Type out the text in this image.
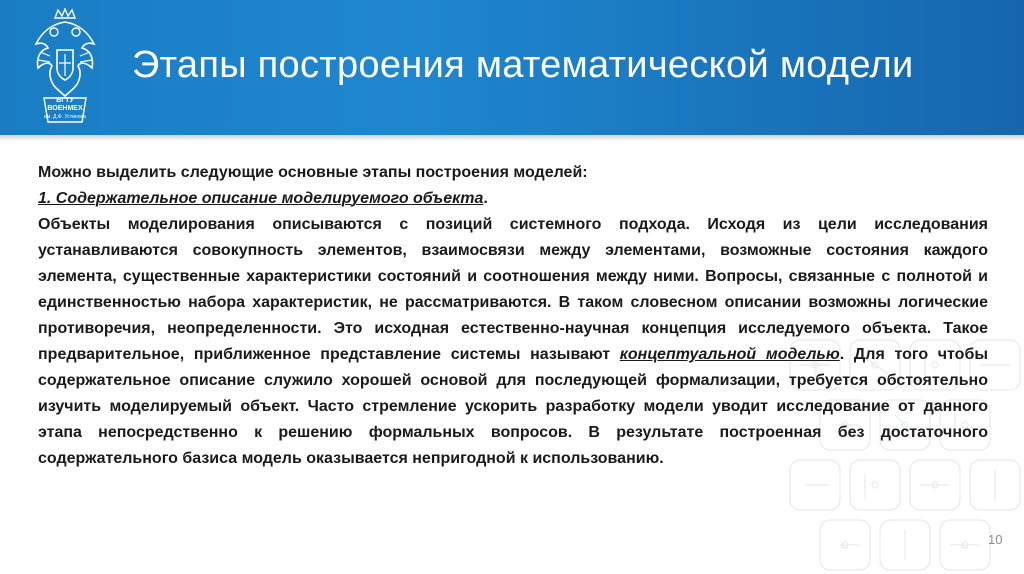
БГТУ
ВОЕНМЕХ
им. Д.Ф. Устинова
Этапы построения математической модели

Можно выделить следующие основные этапы построения моделей:

1. Содержательное описание моделируемого объекта.

Объекты моделирования описываются с позиций системного подхода. Исходя из цели исследования устанавливаются совокупность элементов, взаимосвязи между элементами, возможные состояния каждого элемента, существенные характеристики состояний и соотношения между ними. Вопросы, связанные с полнотой и единственностью набора характеристик, не рассматриваются. В таком словесном описании возможны логические противоречия, неопределенности. Это исходная естественно-научная концепция исследуемого объекта. Такое предварительное, приближенное представление системы называют концептуальной моделью. Для того чтобы содержательное описание служило хорошей основой для последующей формализации, требуется обстоятельно изучить моделируемый объект. Часто стремление ускорить разработку модели уводит исследование от данного этапа непосредственно к решению формальных вопросов. В результате построенная без достаточного содержательного базиса модель оказывается непригодной к использованию.

10
